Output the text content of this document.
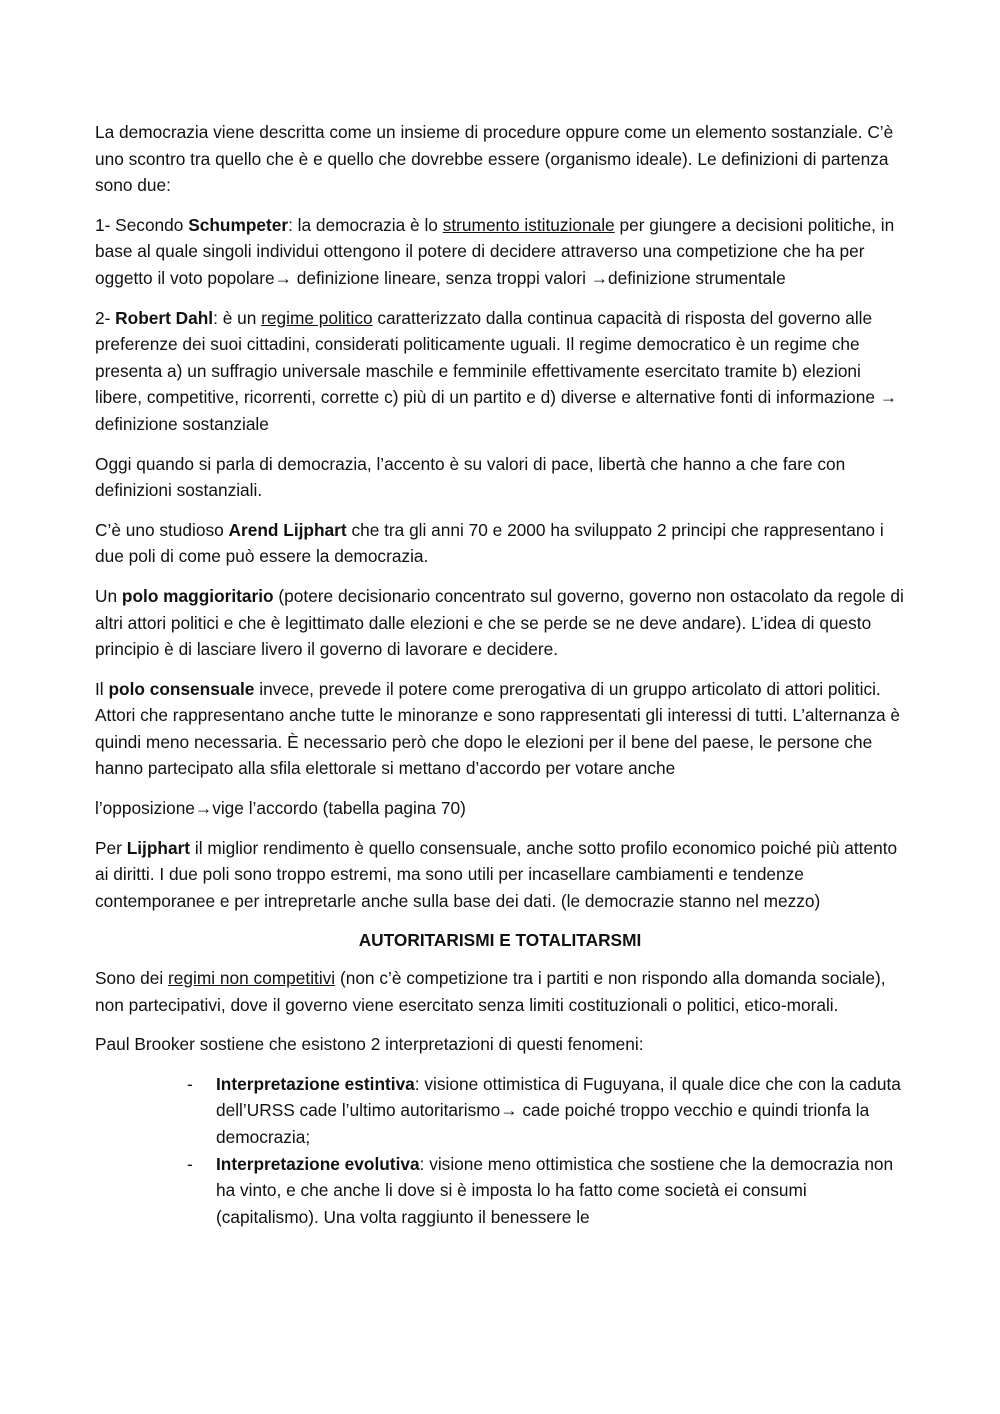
La democrazia viene descritta come un insieme di procedure oppure come un elemento sostanziale. C’è uno scontro tra quello che è e quello che dovrebbe essere (organismo ideale). Le definizioni di partenza sono due:

1- Secondo Schumpeter: la democrazia è lo strumento istituzionale per giungere a decisioni politiche, in base al quale singoli individui ottengono il potere di decidere attraverso una competizione che ha per oggetto il voto popolare→ definizione lineare, senza troppi valori →definizione strumentale

2- Robert Dahl: è un regime politico caratterizzato dalla continua capacità di risposta del governo alle preferenze dei suoi cittadini, considerati politicamente uguali. Il regime democratico è un regime che presenta a) un suffragio universale maschile e femminile effettivamente esercitato tramite b) elezioni libere, competitive, ricorrenti, corrette c) più di un partito e d) diverse e alternative fonti di informazione → definizione sostanziale

Oggi quando si parla di democrazia, l’accento è su valori di pace, libertà che hanno a che fare con definizioni sostanziali.

C’è uno studioso Arend Lijphart che tra gli anni 70 e 2000 ha sviluppato 2 principi che rappresentano i due poli di come può essere la democrazia.

Un polo maggioritario (potere decisionario concentrato sul governo, governo non ostacolato da regole di altri attori politici e che è legittimato dalle elezioni e che se perde se ne deve andare). L’idea di questo principio è di lasciare livero il governo di lavorare e decidere.

Il polo consensuale invece, prevede il potere come prerogativa di un gruppo articolato di attori politici. Attori che rappresentano anche tutte le minoranze e sono rappresentati gli interessi di tutti. L’alternanza è quindi meno necessaria. È necessario però che dopo le elezioni per il bene del paese, le persone che hanno partecipato alla sfila elettorale si mettano d’accordo per votare anche

l’opposizione→vige l’accordo (tabella pagina 70)

Per Lijphart il miglior rendimento è quello consensuale, anche sotto profilo economico poiché più attento ai diritti. I due poli sono troppo estremi, ma sono utili per incasellare cambiamenti e tendenze contemporanee e per intrepretarle anche sulla base dei dati. (le democrazie stanno nel mezzo)

AUTORITARISMI E TOTALITARSMI

Sono dei regimi non competitivi (non c’è competizione tra i partiti e non rispondo alla domanda sociale), non partecipativi, dove il governo viene esercitato senza limiti costituzionali o politici, etico-morali.

Paul Brooker sostiene che esistono 2 interpretazioni di questi fenomeni:

- Interpretazione estintiva: visione ottimistica di Fuguyana, il quale dice che con la caduta dell’URSS cade l’ultimo autoritarismo→ cade poiché troppo vecchio e quindi trionfa la democrazia;
- Interpretazione evolutiva: visione meno ottimistica che sostiene che la democrazia non ha vinto, e che anche li dove si è imposta lo ha fatto come società ei consumi (capitalismo). Una volta raggiunto il benessere le
